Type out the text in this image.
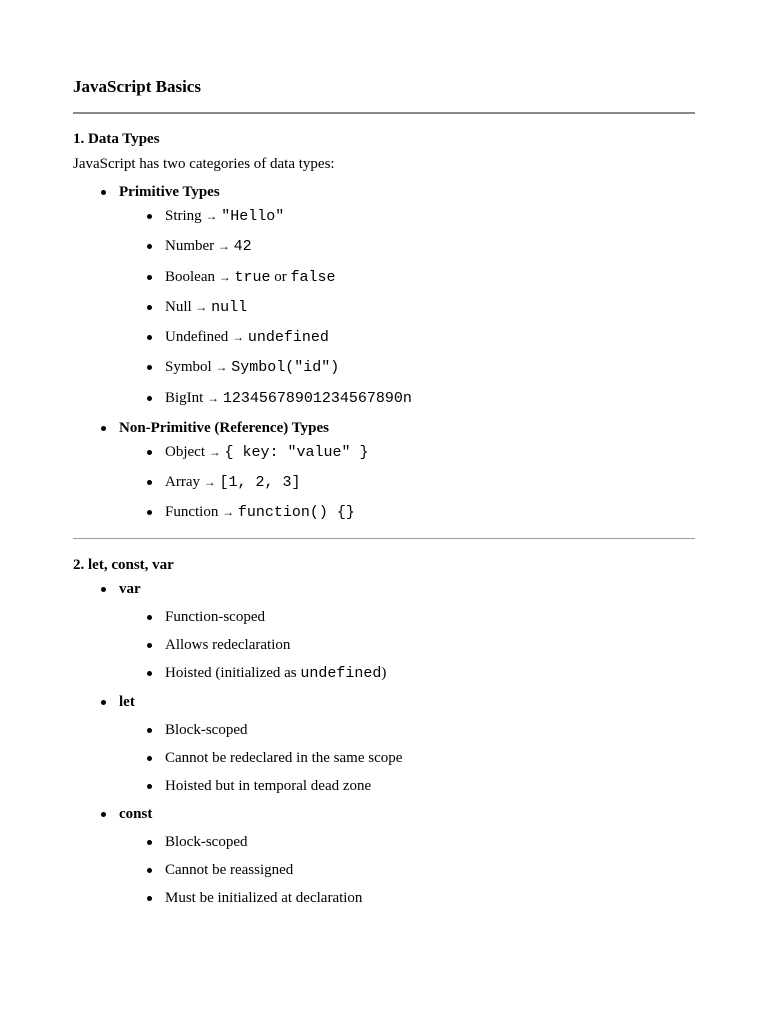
JavaScript Basics
1. Data Types

JavaScript has two categories of data types:

Primitive Types
String → "Hello"
Number → 42
Boolean → true or false
Null → null
Undefined → undefined
Symbol → Symbol("id")
BigInt → 12345678901234567890n
Non-Primitive (Reference) Types
Object → { key: "value" }
Array → [1, 2, 3]
Function → function() {}
2. let, const, var
var
Function-scoped
Allows redeclaration
Hoisted (initialized as undefined)
let
Block-scoped
Cannot be redeclared in the same scope
Hoisted but in temporal dead zone
const
Block-scoped
Cannot be reassigned
Must be initialized at declaration
